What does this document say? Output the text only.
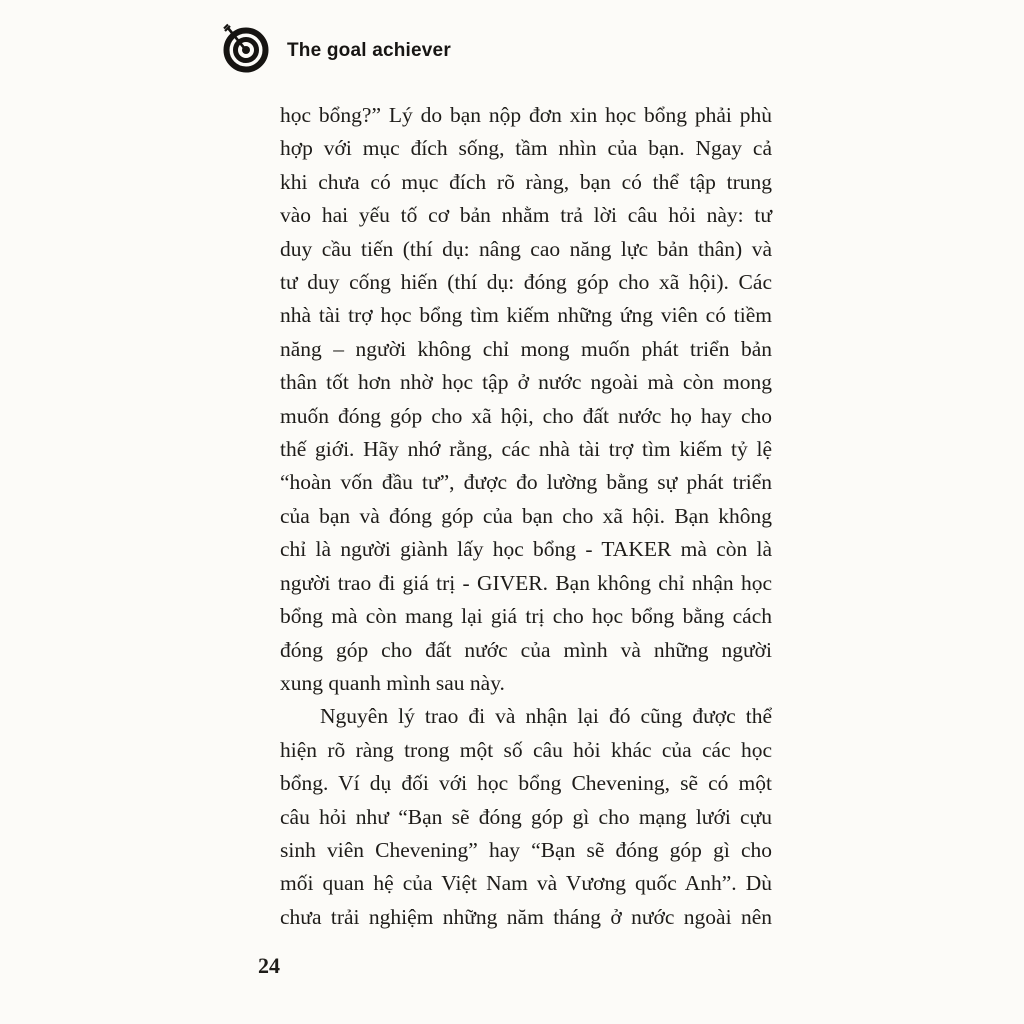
The goal achiever
học bổng?” Lý do bạn nộp đơn xin học bổng phải phù
hợp với mục đích sống, tầm nhìn của bạn. Ngay cả
khi chưa có mục đích rõ ràng, bạn có thể tập trung
vào hai yếu tố cơ bản nhằm trả lời câu hỏi này: tư
duy cầu tiến (thí dụ: nâng cao năng lực bản thân) và
tư duy cống hiến (thí dụ: đóng góp cho xã hội). Các
nhà tài trợ học bổng tìm kiếm những ứng viên có tiềm
năng – người không chỉ mong muốn phát triển bản
thân tốt hơn nhờ học tập ở nước ngoài mà còn mong
muốn đóng góp cho xã hội, cho đất nước họ hay cho
thế giới. Hãy nhớ rằng, các nhà tài trợ tìm kiếm tỷ lệ
“hoàn vốn đầu tư”, được đo lường bằng sự phát triển
của bạn và đóng góp của bạn cho xã hội. Bạn không
chỉ là người giành lấy học bổng - TAKER mà còn là
người trao đi giá trị - GIVER. Bạn không chỉ nhận học
bổng mà còn mang lại giá trị cho học bổng bằng cách
đóng góp cho đất nước của mình và những người
xung quanh mình sau này.
Nguyên lý trao đi và nhận lại đó cũng được thể
hiện rõ ràng trong một số câu hỏi khác của các học
bổng. Ví dụ đối với học bổng Chevening, sẽ có một
câu hỏi như “Bạn sẽ đóng góp gì cho mạng lưới cựu
sinh viên Chevening” hay “Bạn sẽ đóng góp gì cho
mối quan hệ của Việt Nam và Vương quốc Anh”. Dù
chưa trải nghiệm những năm tháng ở nước ngoài nên
24
